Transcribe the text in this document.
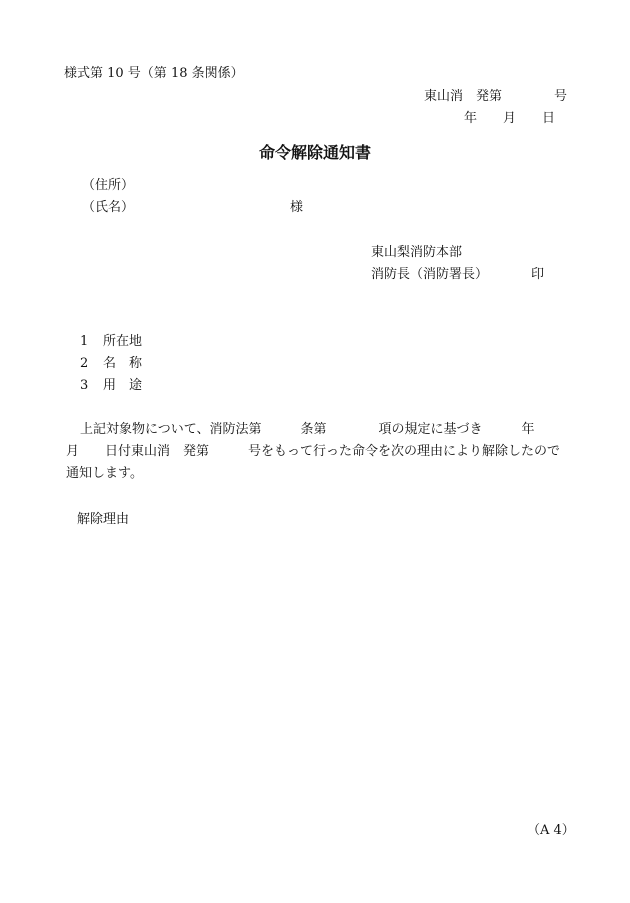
様式第 10 号（第 18 条関係）
東山消　発第　　　　号
年　　月　　日
命令解除通知書
（住所）
（氏名）	様
東山梨消防本部
消防長（消防署長）	印
1 所在地
2 名　称
3 用　途
上記対象物について、消防法第　　　条第　　　　項の規定に基づき　　　年
月　　日付東山消　発第　　　号をもって行った命令を次の理由により解除したので
通知します。
解除理由
（A 4）
